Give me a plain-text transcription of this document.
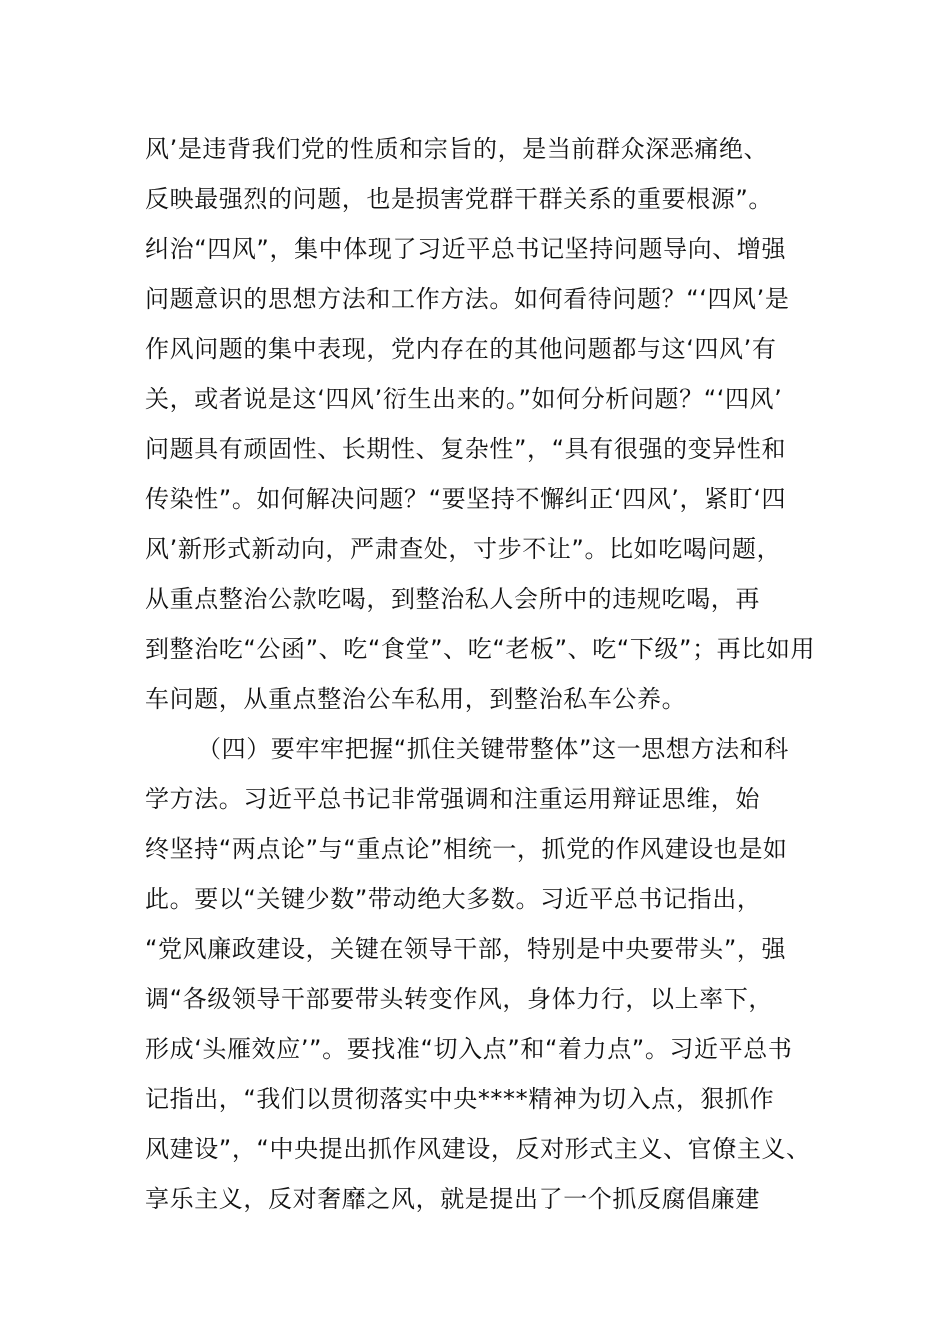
风’是违背我们党的性质和宗旨的，是当前群众深恶痛绝、
反映最强烈的问题，也是损害党群干群关系的重要根源”。
纠治“四风”，集中体现了习近平总书记坚持问题导向、增强
问题意识的思想方法和工作方法。如何看待问题？“‘四风’是
作风问题的集中表现，党内存在的其他问题都与这‘四风’有
关，或者说是这‘四风’衍生出来的。”如何分析问题？“‘四风’
问题具有顽固性、长期性、复杂性”，“具有很强的变异性和
传染性”。如何解决问题？“要坚持不懈纠正‘四风’，紧盯‘四
风’新形式新动向，严肃查处，寸步不让”。比如吃喝问题，
从重点整治公款吃喝，到整治私人会所中的违规吃喝，再
到整治吃“公函”、吃“食堂”、吃“老板”、吃“下级”；再比如用
车问题，从重点整治公车私用，到整治私车公养。
（四）要牢牢把握“抓住关键带整体”这一思想方法和科
学方法。习近平总书记非常强调和注重运用辩证思维，始
终坚持“两点论”与“重点论”相统一，抓党的作风建设也是如
此。要以“关键少数”带动绝大多数。习近平总书记指出，
“党风廉政建设，关键在领导干部，特别是中央要带头”，强
调“各级领导干部要带头转变作风，身体力行，以上率下，
形成‘头雁效应’”。要找准“切入点”和“着力点”。习近平总书
记指出，“我们以贯彻落实中央****精神为切入点，狠抓作
风建设”，“中央提出抓作风建设，反对形式主义、官僚主义、
享乐主义，反对奢靡之风，就是提出了一个抓反腐倡廉建
